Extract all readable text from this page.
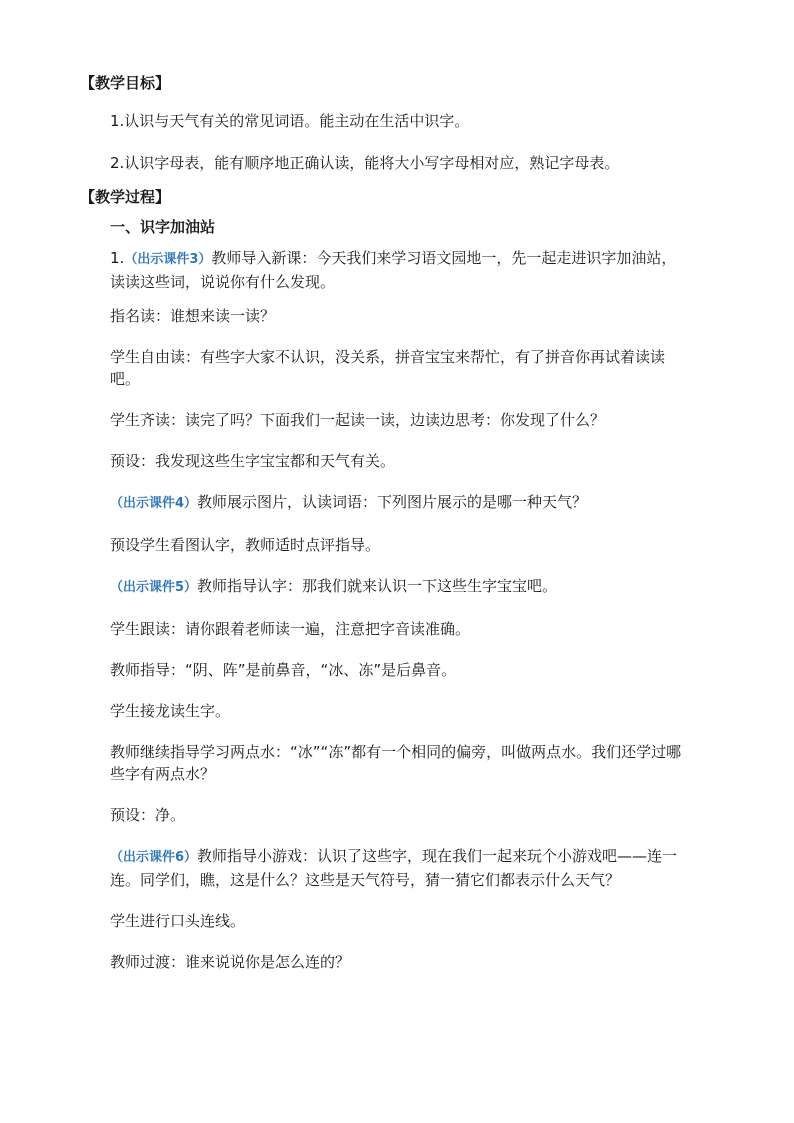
【教学目标】

1.认识与天气有关的常见词语。能主动在生活中识字。

2.认识字母表，能有顺序地正确认读，能将大小写字母相对应，熟记字母表。

【教学过程】

一、识字加油站

1.（出示课件3）教师导入新课：今天我们来学习语文园地一，先一起走进识字加油站，读读这些词，说说你有什么发现。

指名读：谁想来读一读？

学生自由读：有些字大家不认识，没关系，拼音宝宝来帮忙，有了拼音你再试着读读吧。

学生齐读：读完了吗？下面我们一起读一读，边读边思考：你发现了什么？

预设：我发现这些生字宝宝都和天气有关。

（出示课件4）教师展示图片，认读词语：下列图片展示的是哪一种天气？

预设学生看图认字，教师适时点评指导。

（出示课件5）教师指导认字：那我们就来认识一下这些生字宝宝吧。

学生跟读：请你跟着老师读一遍，注意把字音读准确。

教师指导：“阴、阵”是前鼻音，“冰、冻”是后鼻音。

学生接龙读生字。

教师继续指导学习两点水：“冰”“冻”都有一个相同的偏旁，叫做两点水。我们还学过哪些字有两点水？

预设：净。

（出示课件6）教师指导小游戏：认识了这些字，现在我们一起来玩个小游戏吧——连一连。同学们，瞧，这是什么？这些是天气符号，猜一猜它们都表示什么天气？

学生进行口头连线。

教师过渡：谁来说说你是怎么连的？
